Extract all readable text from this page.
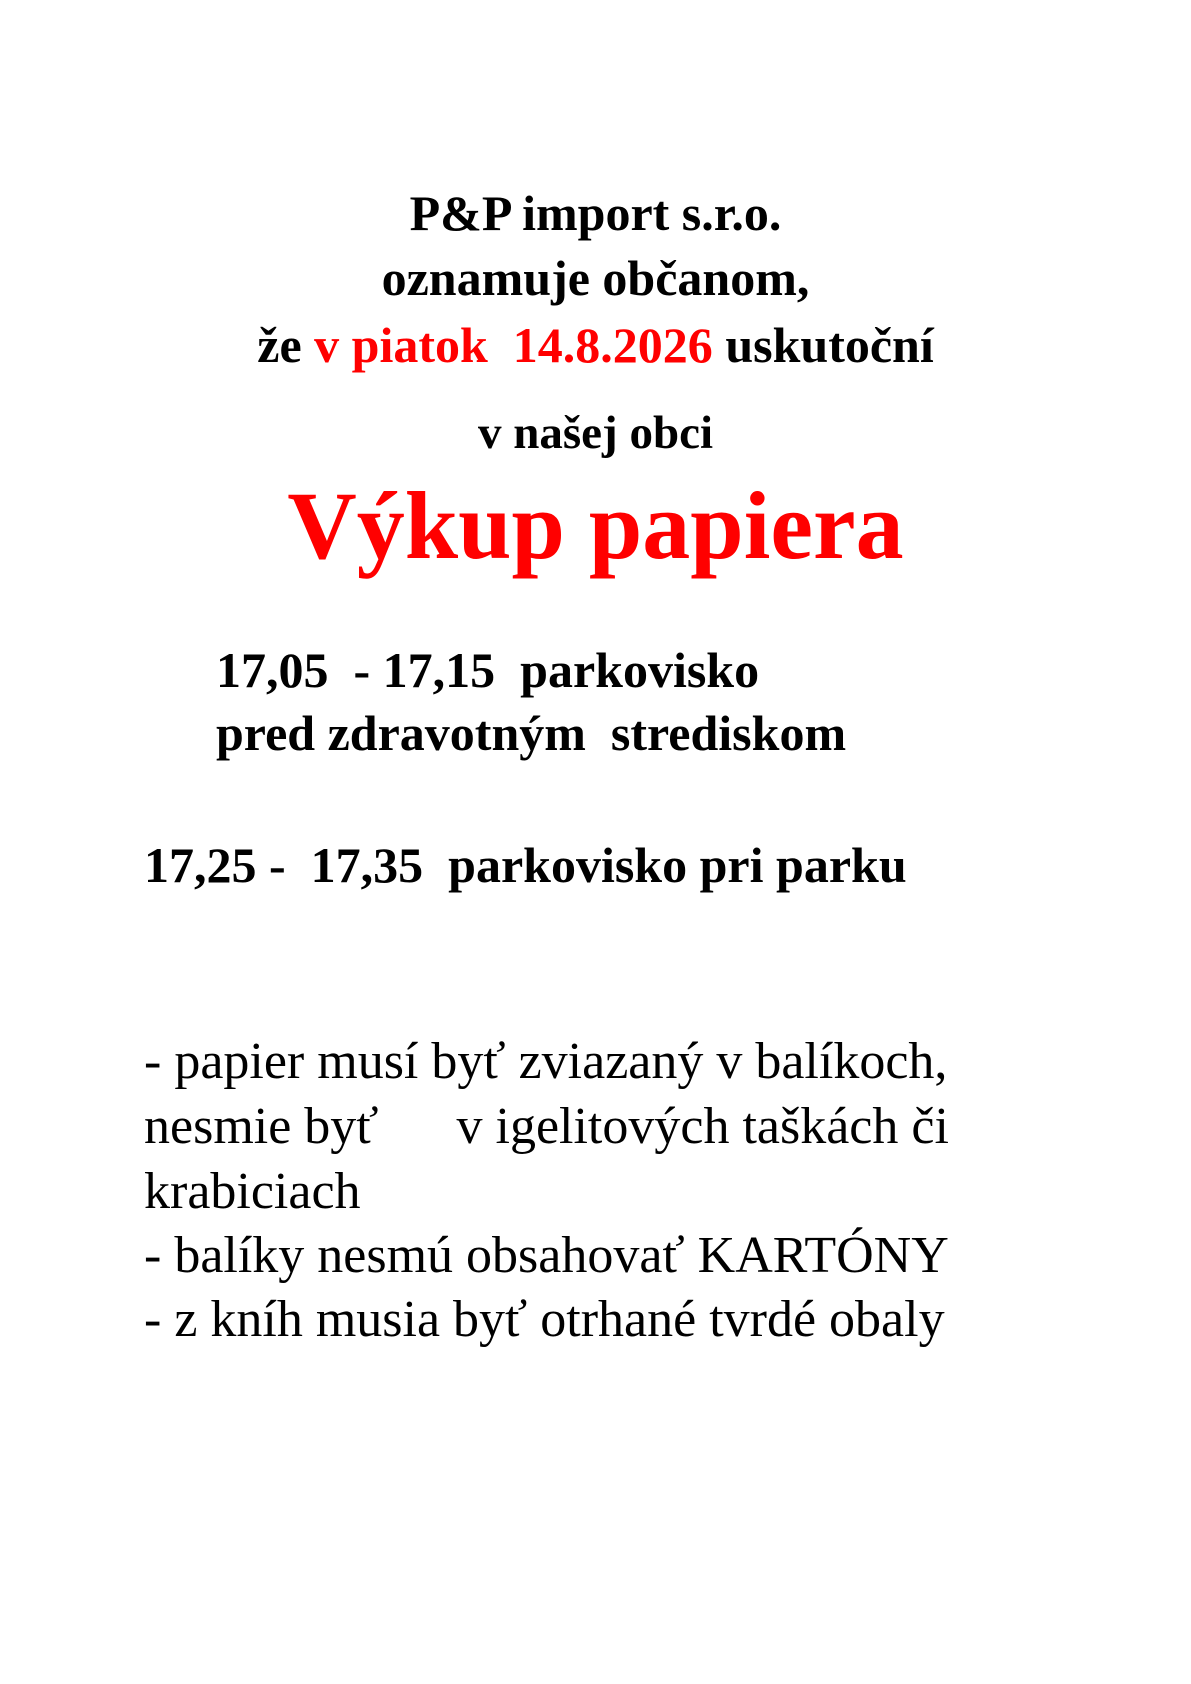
P&P import s.r.o.
oznamuje občanom,
že v piatok  14.8.2026 uskutoční
v našej obci
Výkup papiera
17,05  - 17,15  parkovisko
pred zdravotným  strediskom
17,25 -  17,35  parkovisko pri parku
- papier musí byť zviazaný v balíkoch,
nesmie byť      v igelitových taškách či
krabiciach
- balíky nesmú obsahovať KARTÓNY
- z kníh musia byť otrhané tvrdé obaly
